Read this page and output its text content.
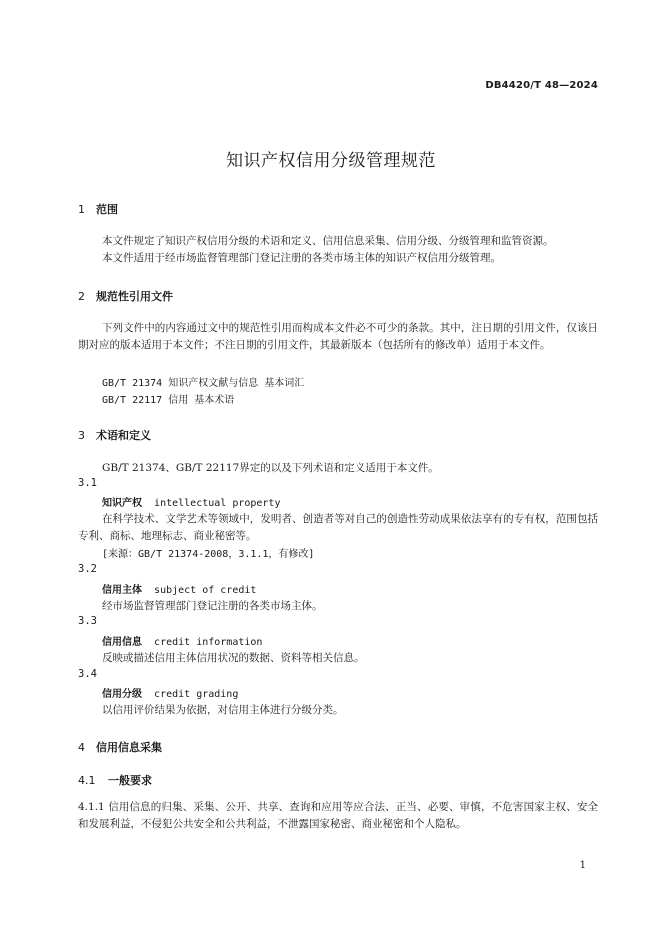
DB4420/T 48—2024
知识产权信用分级管理规范
1 范围
本文件规定了知识产权信用分级的术语和定义、信用信息采集、信用分级、分级管理和监管资源。
本文件适用于经市场监督管理部门登记注册的各类市场主体的知识产权信用分级管理。
2 规范性引用文件
下列文件中的内容通过文中的规范性引用而构成本文件必不可少的条款。其中，注日期的引用文件，仅该日期对应的版本适用于本文件；不注日期的引用文件，其最新版本（包括所有的修改单）适用于本文件。
GB/T 21374 知识产权文献与信息 基本词汇
GB/T 22117 信用 基本术语
3 术语和定义
GB/T 21374、GB/T 22117界定的以及下列术语和定义适用于本文件。
3.1
知识产权 intellectual property
在科学技术、文学艺术等领域中，发明者、创造者等对自己的创造性劳动成果依法享有的专有权，范围包括专利、商标、地理标志、商业秘密等。
[来源：GB/T 21374-2008，3.1.1，有修改]
3.2
信用主体 subject of credit
经市场监督管理部门登记注册的各类市场主体。
3.3
信用信息 credit information
反映或描述信用主体信用状况的数据、资料等相关信息。
3.4
信用分级 credit grading
以信用评价结果为依据，对信用主体进行分级分类。
4 信用信息采集
4.1 一般要求
4.1.1 信用信息的归集、采集、公开、共享、查询和应用等应合法、正当、必要、审慎，不危害国家主权、安全和发展利益，不侵犯公共安全和公共利益，不泄露国家秘密、商业秘密和个人隐私。
1
